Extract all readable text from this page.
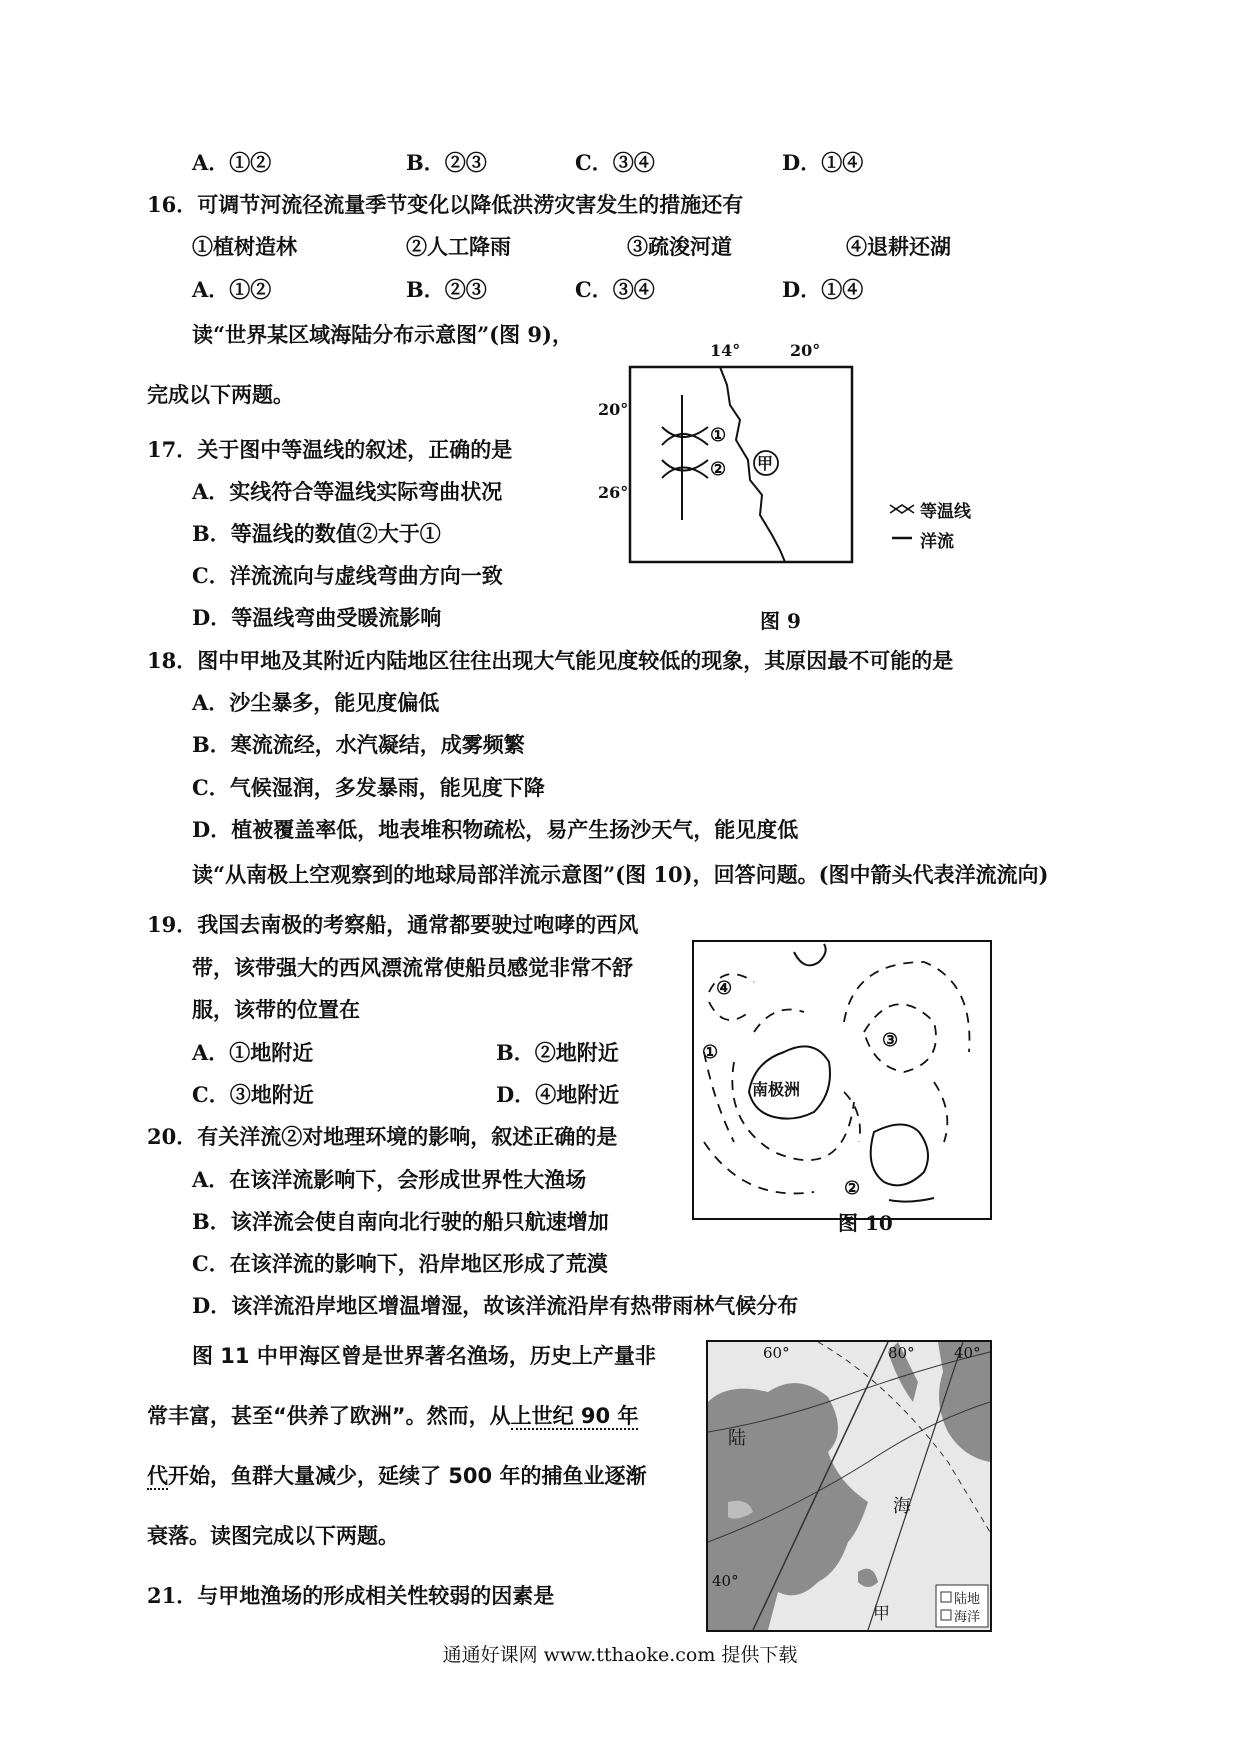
A．①②	B．②③	C．③④	D．①④
16．可调节河流径流量季节变化以降低洪涝灾害发生的措施还有
①植树造林	②人工降雨	③疏浚河道	④退耕还湖
A．①②	B．②③	C．③④	D．①④
读“世界某区域海陆分布示意图”(图 9)，
完成以下两题。
14°	20°
20°
26°
①
② 甲
等温线
洋流
图 9
17．关于图中等温线的叙述，正确的是
A．实线符合等温线实际弯曲状况
B．等温线的数值②大于①
C．洋流流向与虚线弯曲方向一致
D．等温线弯曲受暖流影响
18．图中甲地及其附近内陆地区往往出现大气能见度较低的现象，其原因最不可能的是
A．沙尘暴多，能见度偏低
B．寒流流经，水汽凝结，成雾频繁
C．气候湿润，多发暴雨，能见度下降
D．植被覆盖率低，地表堆积物疏松，易产生扬沙天气，能见度低
读“从南极上空观察到的地球局部洋流示意图”(图 10)，回答问题。(图中箭头代表洋流流向)
19．我国去南极的考察船，通常都要驶过咆哮的西风
带，该带强大的西风漂流常使船员感觉非常不舒
服，该带的位置在
A．①地附近	B．②地附近
C．③地附近	D．④地附近	南极洲
①
②
③
④
图 10
20．有关洋流②对地理环境的影响，叙述正确的是
A．在该洋流影响下，会形成世界性大渔场
B．该洋流会使自南向北行驶的船只航速增加
C．在该洋流的影响下，沿岸地区形成了荒漠
D．该洋流沿岸地区增温增湿，故该洋流沿岸有热带雨林气候分布
图 11 中甲海区曾是世界著名渔场，历史上产量非
常丰富，甚至“供养了欧洲”。然而，从上世纪 90 年
代开始，鱼群大量减少，延续了 500 年的捕鱼业逐渐
衰落。读图完成以下两题。
21．与甲地渔场的形成相关性较弱的因素是
60°	80°	40°
40°
陆
海
甲
陆地
海洋
通通好课网 www.tthaoke.com 提供下载
